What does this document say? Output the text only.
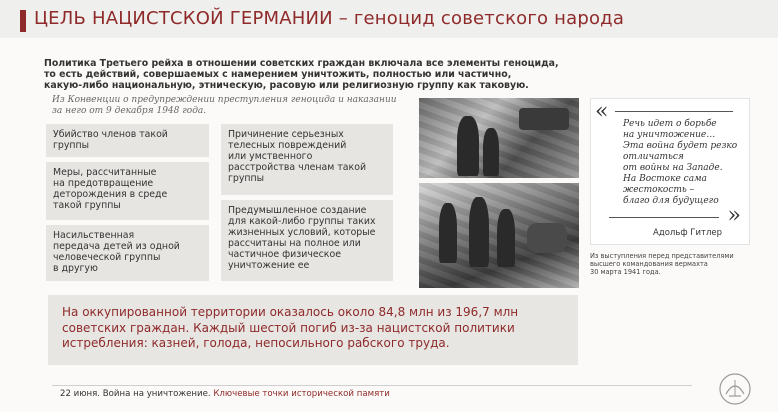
ЦЕЛЬ НАЦИСТСКОЙ ГЕРМАНИИ – геноцид советского народа
Политика Третьего рейха в отношении советских граждан включала все элементы геноцида,
то есть действий, совершаемых с намерением уничтожить, полностью или частично,
какую-либо национальную, этническую, расовую или религиозную группу как таковую.
Из Конвенции о предупреждении преступления геноцида и наказании
за него от 9 декабря 1948 года.
Убийство членов такой
группы
Меры, рассчитанные
на предотвращение
деторождения в среде
такой группы
Насильственная
передача детей из одной
человеческой группы
в другую
Причинение серьезных
телесных повреждений
или умственного
расстройства членам такой
группы
Предумышленное создание
для какой-либо группы таких
жизненных условий, которые
рассчитаны на полное или
частичное физическое
уничтожение ее
« Речь идет о борьбе
на уничтожение…
Эта война будет резко
отличаться
от войны на Западе.
На Востоке сама
жестокость –
благо для будущего
»
Адольф Гитлер
Из выступления перед представителями
высшего командования вермахта
30 марта 1941 года.
На оккупированной территории оказалось около 84,8 млн из 196,7 млн
советских граждан. Каждый шестой погиб из-за нацистской политики
истребления: казней, голода, непосильного рабского труда.
22 июня. Война на уничтожение. Ключевые точки исторической памяти
